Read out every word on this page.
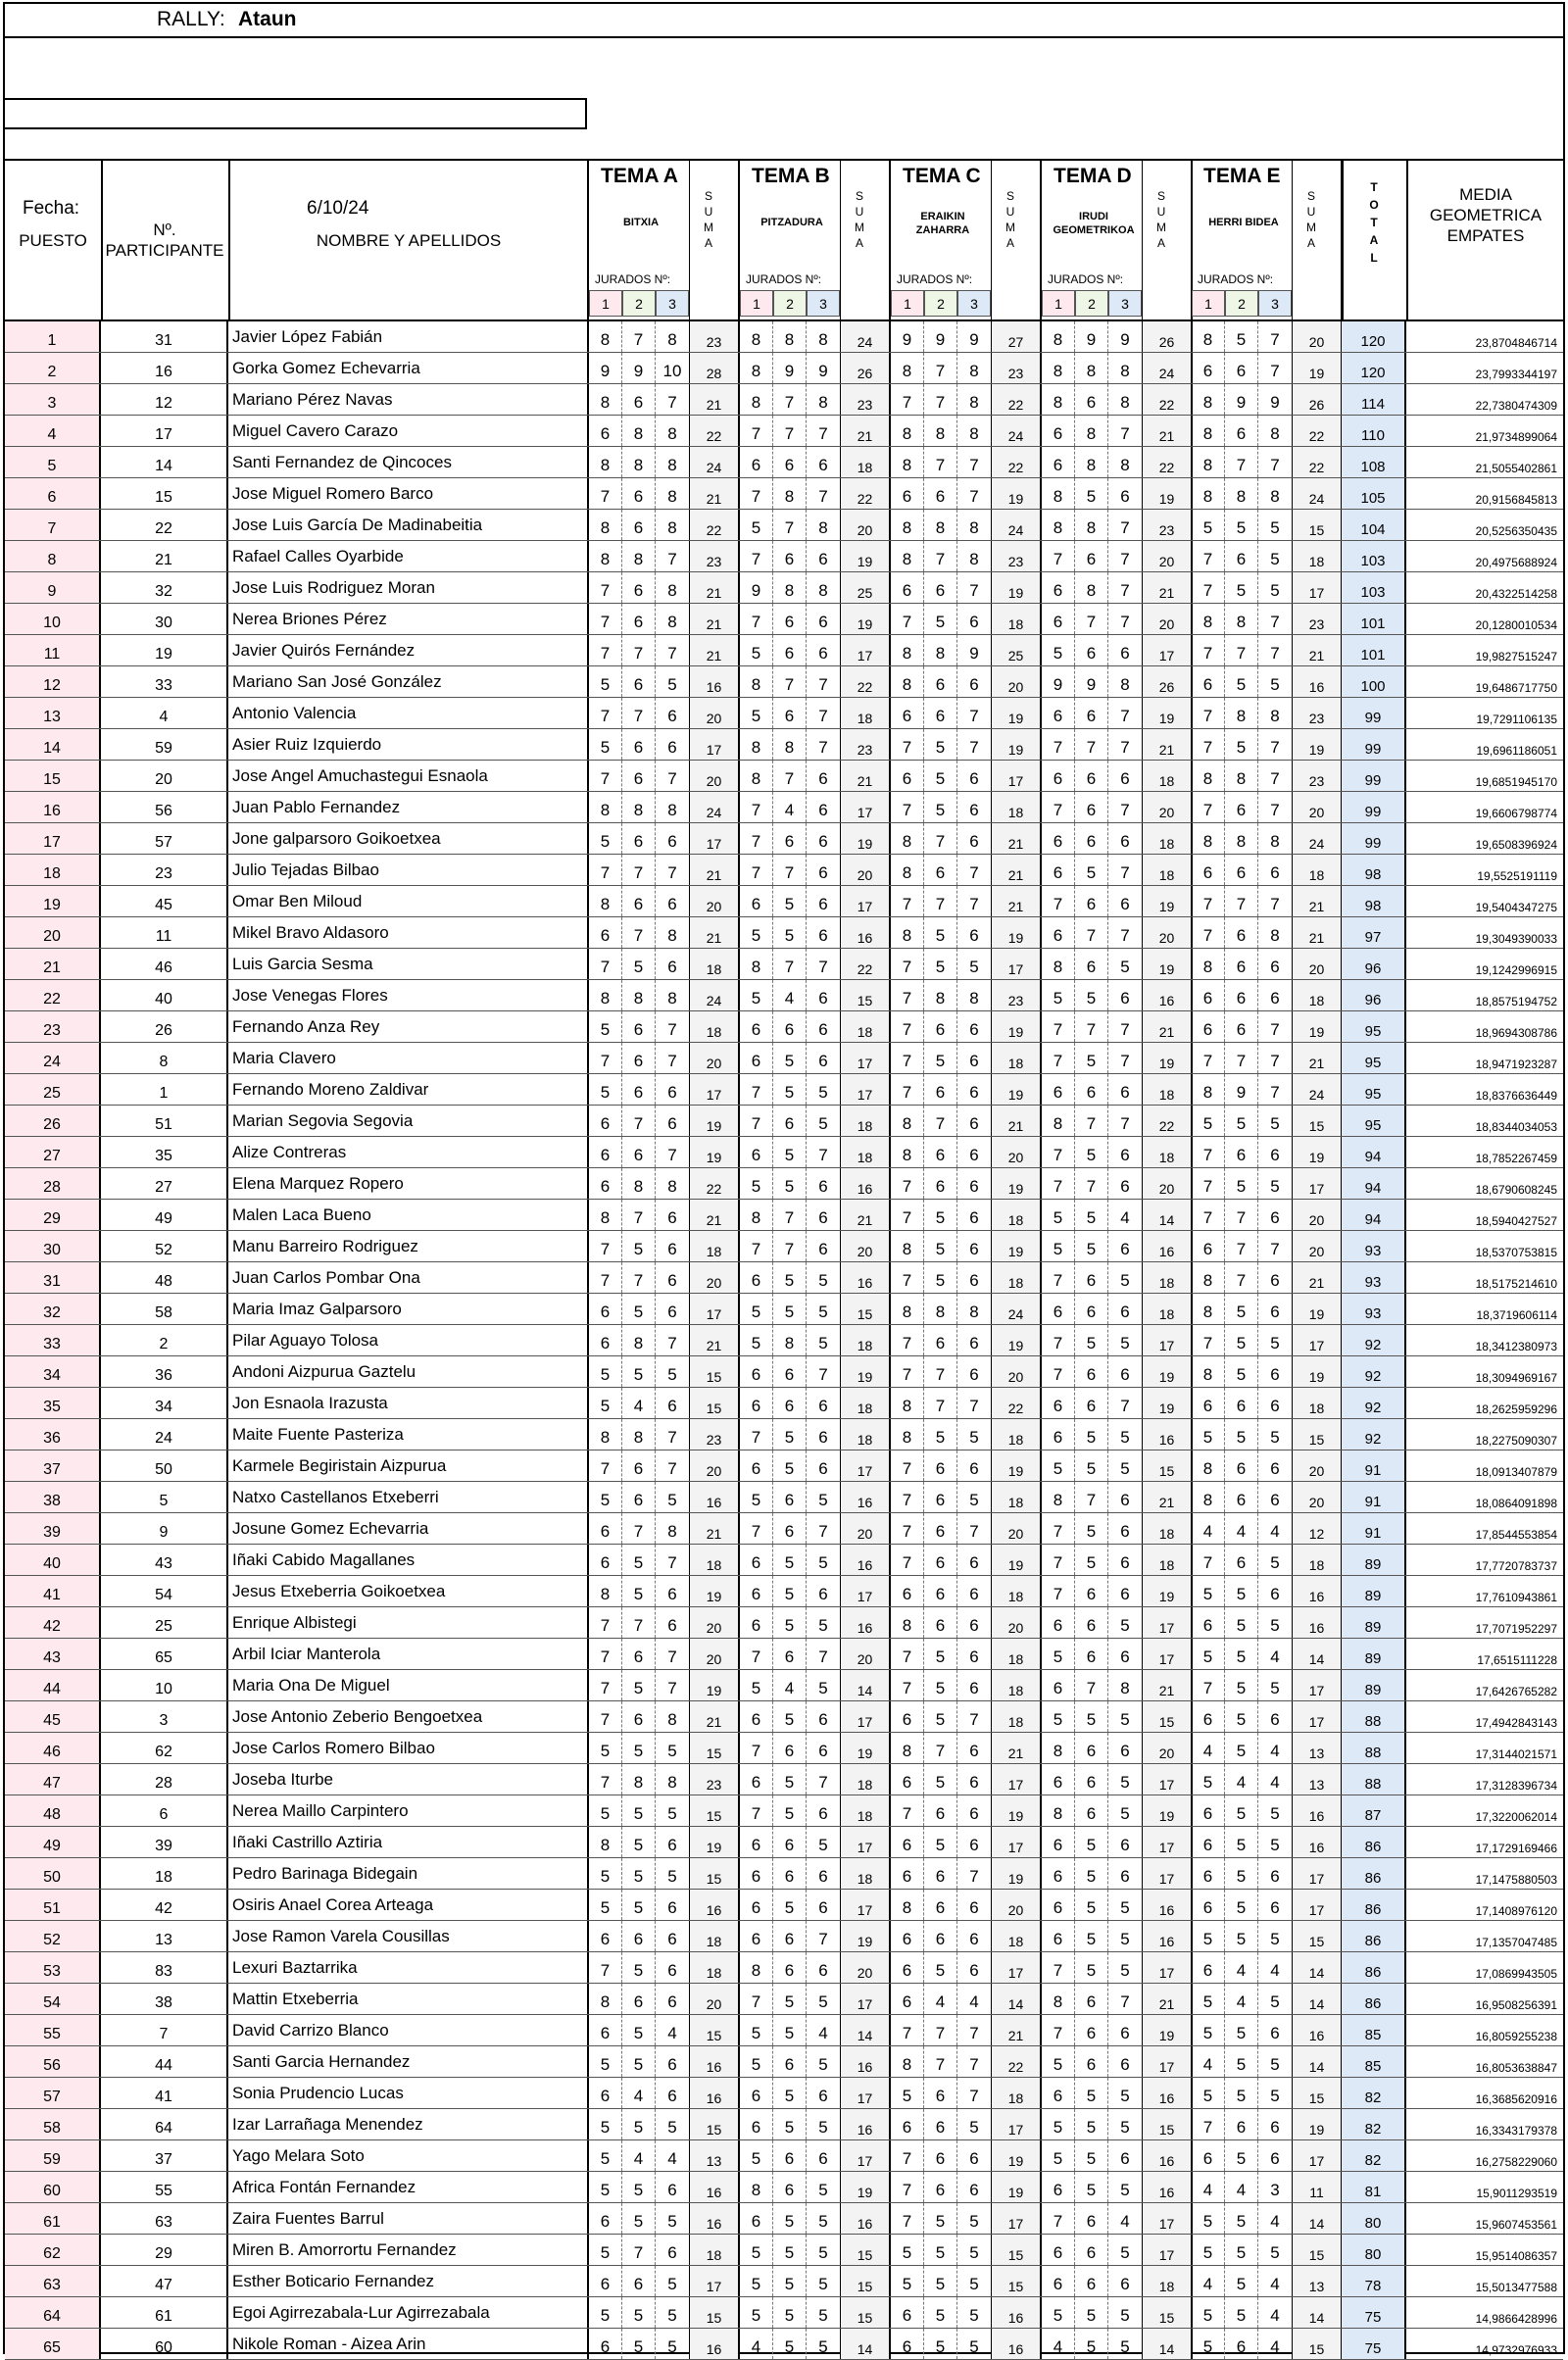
RALLY: Ataun
Fecha:	6/10/24
PUESTO
Nº.
PARTICIPANTE
NOMBRE Y APELLIDOS
TEMA A
BITXIA
JURADOS Nº:
1	2	3
S
U
M
A
TEMA B
PITZADURA
JURADOS Nº:
1	2	3
S
U
M
A
TEMA C
ERAIKIN
ZAHARRA
JURADOS Nº:
1	2	3
S
U
M
A
TEMA D
IRUDI
GEOMETRIKOA
JURADOS Nº:
1	2	3
S
U
M
A
TEMA E
HERRI BIDEA
JURADOS Nº:
1	2	3
S
U
M
A
T
O
T
A
L
MEDIA
GEOMETRICA
EMPATES
1	31	Javier López Fabián	8	7	8	23	8	8	8	24	9	9	9	27	8	9	9	26	8	5	7	20	120	23,8704846714
2	16	Gorka Gomez Echevarria	9	9	10	28	8	9	9	26	8	7	8	23	8	8	8	24	6	6	7	19	120	23,7993344197
3	12	Mariano Pérez Navas	8	6	7	21	8	7	8	23	7	7	8	22	8	6	8	22	8	9	9	26	114	22,7380474309
4	17	Miguel Cavero Carazo	6	8	8	22	7	7	7	21	8	8	8	24	6	8	7	21	8	6	8	22	110	21,9734899064
5	14	Santi Fernandez de Qincoces	8	8	8	24	6	6	6	18	8	7	7	22	6	8	8	22	8	7	7	22	108	21,5055402861
6	15	Jose Miguel Romero Barco	7	6	8	21	7	8	7	22	6	6	7	19	8	5	6	19	8	8	8	24	105	20,9156845813
7	22	Jose Luis García De Madinabeitia	8	6	8	22	5	7	8	20	8	8	8	24	8	8	7	23	5	5	5	15	104	20,5256350435
8	21	Rafael Calles Oyarbide	8	8	7	23	7	6	6	19	8	7	8	23	7	6	7	20	7	6	5	18	103	20,4975688924
9	32	Jose Luis Rodriguez Moran	7	6	8	21	9	8	8	25	6	6	7	19	6	8	7	21	7	5	5	17	103	20,4322514258
10	30	Nerea Briones Pérez	7	6	8	21	7	6	6	19	7	5	6	18	6	7	7	20	8	8	7	23	101	20,1280010534
11	19	Javier Quirós Fernández	7	7	7	21	5	6	6	17	8	8	9	25	5	6	6	17	7	7	7	21	101	19,9827515247
12	33	Mariano San José González	5	6	5	16	8	7	7	22	8	6	6	20	9	9	8	26	6	5	5	16	100	19,6486717750
13	4	Antonio Valencia	7	7	6	20	5	6	7	18	6	6	7	19	6	6	7	19	7	8	8	23	99	19,7291106135
14	59	Asier Ruiz Izquierdo	5	6	6	17	8	8	7	23	7	5	7	19	7	7	7	21	7	5	7	19	99	19,6961186051
15	20	Jose Angel Amuchastegui Esnaola	7	6	7	20	8	7	6	21	6	5	6	17	6	6	6	18	8	8	7	23	99	19,6851945170
16	56	Juan Pablo Fernandez	8	8	8	24	7	4	6	17	7	5	6	18	7	6	7	20	7	6	7	20	99	19,6606798774
17	57	Jone galparsoro Goikoetxea	5	6	6	17	7	6	6	19	8	7	6	21	6	6	6	18	8	8	8	24	99	19,6508396924
18	23	Julio Tejadas Bilbao	7	7	7	21	7	7	6	20	8	6	7	21	6	5	7	18	6	6	6	18	98	19,5525191119
19	45	Omar Ben Miloud	8	6	6	20	6	5	6	17	7	7	7	21	7	6	6	19	7	7	7	21	98	19,5404347275
20	11	Mikel Bravo Aldasoro	6	7	8	21	5	5	6	16	8	5	6	19	6	7	7	20	7	6	8	21	97	19,3049390033
21	46	Luis Garcia Sesma	7	5	6	18	8	7	7	22	7	5	5	17	8	6	5	19	8	6	6	20	96	19,1242996915
22	40	Jose Venegas Flores	8	8	8	24	5	4	6	15	7	8	8	23	5	5	6	16	6	6	6	18	96	18,8575194752
23	26	Fernando Anza Rey	5	6	7	18	6	6	6	18	7	6	6	19	7	7	7	21	6	6	7	19	95	18,9694308786
24	8	Maria Clavero	7	6	7	20	6	5	6	17	7	5	6	18	7	5	7	19	7	7	7	21	95	18,9471923287
25	1	Fernando Moreno Zaldivar	5	6	6	17	7	5	5	17	7	6	6	19	6	6	6	18	8	9	7	24	95	18,8376636449
26	51	Marian Segovia Segovia	6	7	6	19	7	6	5	18	8	7	6	21	8	7	7	22	5	5	5	15	95	18,8344034053
27	35	Alize Contreras	6	6	7	19	6	5	7	18	8	6	6	20	7	5	6	18	7	6	6	19	94	18,7852267459
28	27	Elena Marquez Ropero	6	8	8	22	5	5	6	16	7	6	6	19	7	7	6	20	7	5	5	17	94	18,6790608245
29	49	Malen Laca Bueno	8	7	6	21	8	7	6	21	7	5	6	18	5	5	4	14	7	7	6	20	94	18,5940427527
30	52	Manu Barreiro Rodriguez	7	5	6	18	7	7	6	20	8	5	6	19	5	5	6	16	6	7	7	20	93	18,5370753815
31	48	Juan Carlos Pombar Ona	7	7	6	20	6	5	5	16	7	5	6	18	7	6	5	18	8	7	6	21	93	18,5175214610
32	58	Maria Imaz Galparsoro	6	5	6	17	5	5	5	15	8	8	8	24	6	6	6	18	8	5	6	19	93	18,3719606114
33	2	Pilar Aguayo Tolosa	6	8	7	21	5	8	5	18	7	6	6	19	7	5	5	17	7	5	5	17	92	18,3412380973
34	36	Andoni Aizpurua Gaztelu	5	5	5	15	6	6	7	19	7	7	6	20	7	6	6	19	8	5	6	19	92	18,3094969167
35	34	Jon Esnaola Irazusta	5	4	6	15	6	6	6	18	8	7	7	22	6	6	7	19	6	6	6	18	92	18,2625959296
36	24	Maite Fuente Pasteriza	8	8	7	23	7	5	6	18	8	5	5	18	6	5	5	16	5	5	5	15	92	18,2275090307
37	50	Karmele Begiristain Aizpurua	7	6	7	20	6	5	6	17	7	6	6	19	5	5	5	15	8	6	6	20	91	18,0913407879
38	5	Natxo Castellanos Etxeberri	5	6	5	16	5	6	5	16	7	6	5	18	8	7	6	21	8	6	6	20	91	18,0864091898
39	9	Josune Gomez Echevarria	6	7	8	21	7	6	7	20	7	6	7	20	7	5	6	18	4	4	4	12	91	17,8544553854
40	43	Iñaki Cabido Magallanes	6	5	7	18	6	5	5	16	7	6	6	19	7	5	6	18	7	6	5	18	89	17,7720783737
41	54	Jesus Etxeberria Goikoetxea	8	5	6	19	6	5	6	17	6	6	6	18	7	6	6	19	5	5	6	16	89	17,7610943861
42	25	Enrique Albistegi	7	7	6	20	6	5	5	16	8	6	6	20	6	6	5	17	6	5	5	16	89	17,7071952297
43	65	Arbil Iciar Manterola	7	6	7	20	7	6	7	20	7	5	6	18	5	6	6	17	5	5	4	14	89	17,6515111228
44	10	Maria Ona De Miguel	7	5	7	19	5	4	5	14	7	5	6	18	6	7	8	21	7	5	5	17	89	17,6426765282
45	3	Jose Antonio Zeberio Bengoetxea	7	6	8	21	6	5	6	17	6	5	7	18	5	5	5	15	6	5	6	17	88	17,4942843143
46	62	Jose Carlos Romero Bilbao	5	5	5	15	7	6	6	19	8	7	6	21	8	6	6	20	4	5	4	13	88	17,3144021571
47	28	Joseba Iturbe	7	8	8	23	6	5	7	18	6	5	6	17	6	6	5	17	5	4	4	13	88	17,3128396734
48	6	Nerea Maillo Carpintero	5	5	5	15	7	5	6	18	7	6	6	19	8	6	5	19	6	5	5	16	87	17,3220062014
49	39	Iñaki Castrillo Aztiria	8	5	6	19	6	6	5	17	6	5	6	17	6	5	6	17	6	5	5	16	86	17,1729169466
50	18	Pedro Barinaga Bidegain	5	5	5	15	6	6	6	18	6	6	7	19	6	5	6	17	6	5	6	17	86	17,1475880503
51	42	Osiris Anael Corea Arteaga	5	5	6	16	6	5	6	17	8	6	6	20	6	5	5	16	6	5	6	17	86	17,1408976120
52	13	Jose Ramon Varela Cousillas	6	6	6	18	6	6	7	19	6	6	6	18	6	5	5	16	5	5	5	15	86	17,1357047485
53	83	Lexuri Baztarrika	7	5	6	18	8	6	6	20	6	5	6	17	7	5	5	17	6	4	4	14	86	17,0869943505
54	38	Mattin Etxeberria	8	6	6	20	7	5	5	17	6	4	4	14	8	6	7	21	5	4	5	14	86	16,9508256391
55	7	David Carrizo Blanco	6	5	4	15	5	5	4	14	7	7	7	21	7	6	6	19	5	5	6	16	85	16,8059255238
56	44	Santi Garcia Hernandez	5	5	6	16	5	6	5	16	8	7	7	22	5	6	6	17	4	5	5	14	85	16,8053638847
57	41	Sonia Prudencio Lucas	6	4	6	16	6	5	6	17	5	6	7	18	6	5	5	16	5	5	5	15	82	16,3685620916
58	64	Izar Larrañaga Menendez	5	5	5	15	6	5	5	16	6	6	5	17	5	5	5	15	7	6	6	19	82	16,3343179378
59	37	Yago Melara Soto	5	4	4	13	5	6	6	17	7	6	6	19	5	5	6	16	6	5	6	17	82	16,2758229060
60	55	Africa Fontán Fernandez	5	5	6	16	8	6	5	19	7	6	6	19	6	5	5	16	4	4	3	11	81	15,9011293519
61	63	Zaira Fuentes Barrul	6	5	5	16	6	5	5	16	7	5	5	17	7	6	4	17	5	5	4	14	80	15,9607453561
62	29	Miren B. Amorrortu Fernandez	5	7	6	18	5	5	5	15	5	5	5	15	6	6	5	17	5	5	5	15	80	15,9514086357
63	47	Esther Boticario Fernandez	6	6	5	17	5	5	5	15	5	5	5	15	6	6	6	18	4	5	4	13	78	15,5013477588
64	61	Egoi Agirrezabala-Lur Agirrezabala	5	5	5	15	5	5	5	15	6	5	5	16	5	5	5	15	5	5	4	14	75	14,9866428996
65	60	Nikole Roman - Aizea Arin	6	5	5	16	4	5	5	14	6	5	5	16	4	5	5	14	5	6	4	15	75	14,9732976933
